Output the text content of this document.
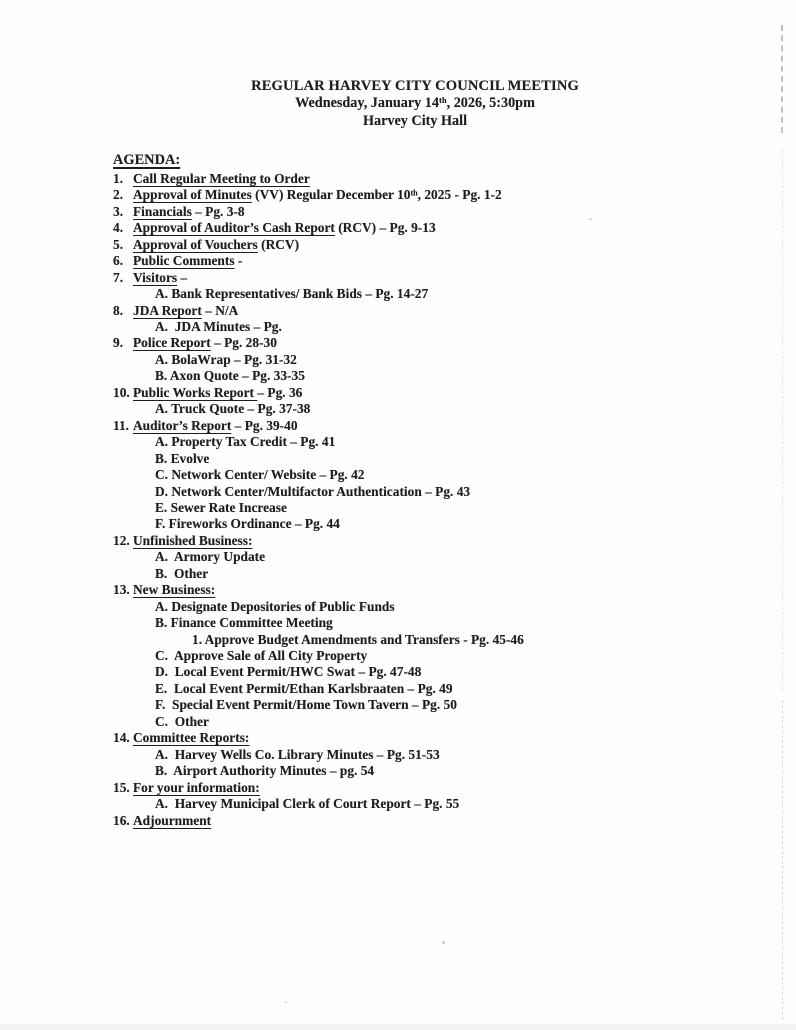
REGULAR HARVEY CITY COUNCIL MEETING
Wednesday, January 14ᵗʰ, 2026, 5:30pm
Harvey City Hall
AGENDA:
1. Call Regular Meeting to Order
2. Approval of Minutes (VV) Regular December 10ᵗʰ, 2025 - Pg. 1-2
3. Financials – Pg. 3-8
4. Approval of Auditor’s Cash Report (RCV) – Pg. 9-13
5. Approval of Vouchers (RCV)
6. Public Comments -
7. Visitors –
A. Bank Representatives/ Bank Bids – Pg. 14-27
8. JDA Report – N/A
A.  JDA Minutes – Pg.
9. Police Report – Pg. 28-30
A. BolaWrap – Pg. 31-32
B. Axon Quote – Pg. 33-35
10. Public Works Report – Pg. 36
A. Truck Quote – Pg. 37-38
11. Auditor’s Report – Pg. 39-40
A. Property Tax Credit – Pg. 41
B. Evolve
C. Network Center/ Website – Pg. 42
D. Network Center/Multifactor Authentication – Pg. 43
E. Sewer Rate Increase
F. Fireworks Ordinance – Pg. 44
12. Unfinished Business:
A.  Armory Update
B.  Other
13. New Business:
A. Designate Depositories of Public Funds
B. Finance Committee Meeting
1. Approve Budget Amendments and Transfers - Pg. 45-46
C.  Approve Sale of All City Property
D.  Local Event Permit/HWC Swat – Pg. 47-48
E.  Local Event Permit/Ethan Karlsbraaten – Pg. 49
F.  Special Event Permit/Home Town Tavern – Pg. 50
C.  Other
14. Committee Reports:
A.  Harvey Wells Co. Library Minutes – Pg. 51-53
B.  Airport Authority Minutes – pg. 54
15. For your information:
A.  Harvey Municipal Clerk of Court Report – Pg. 55
16. Adjournment
